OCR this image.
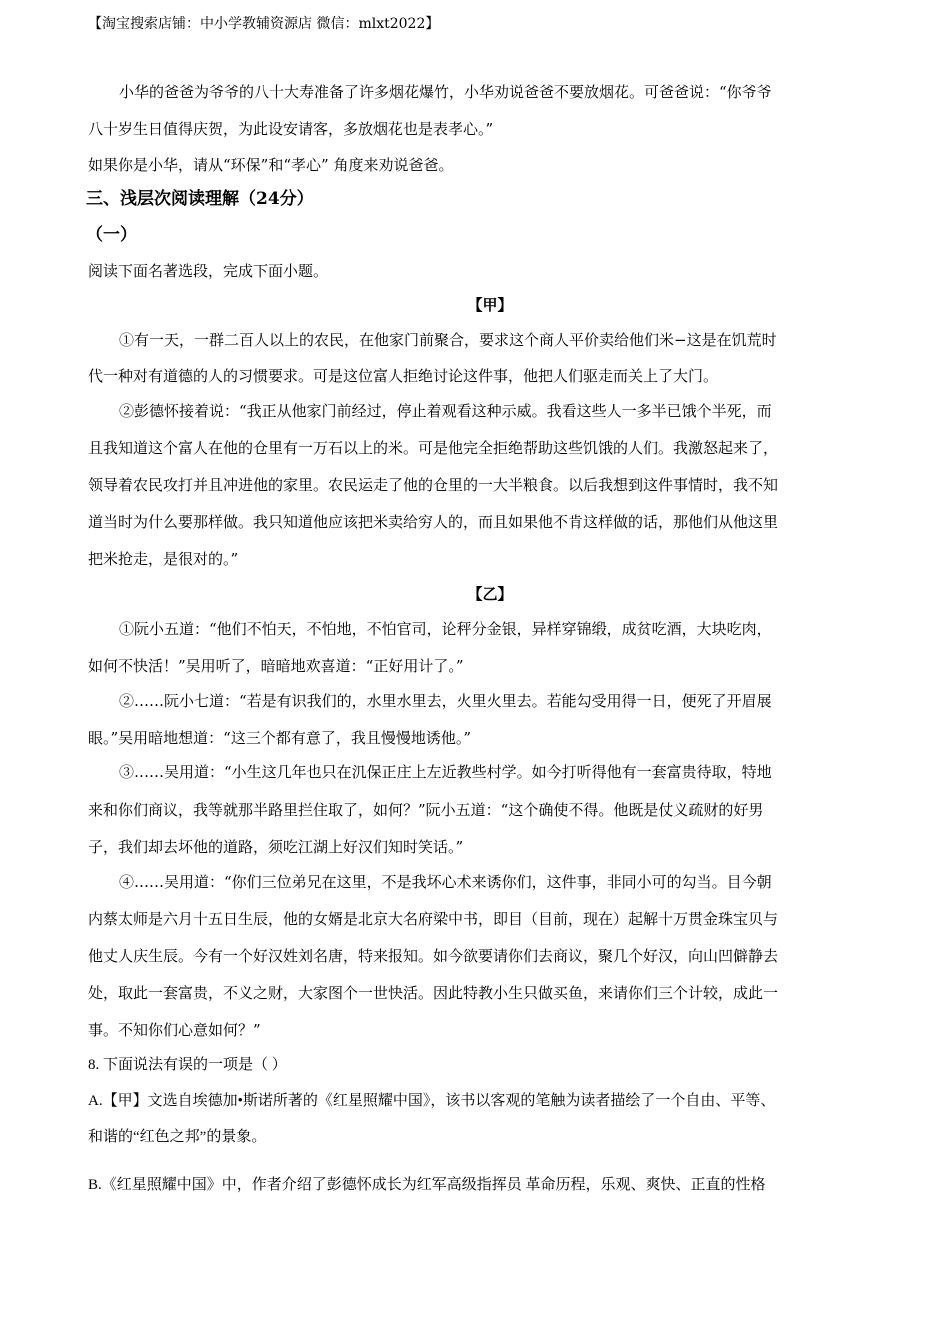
【淘宝搜索店铺：中小学教辅资源店 微信：mlxt2022】
小华的爸爸为爷爷的八十大寿准备了许多烟花爆竹，小华劝说爸爸不要放烟花。可爸爸说：“你爷爷
八十岁生日值得庆贺，为此设安请客，多放烟花也是表孝心。”
如果你是小华，请从“环保”和“孝心” 角度来劝说爸爸。
三、浅层次阅读理解（24分）
（一）
阅读下面名著选段，完成下面小题。
【甲】
①有一天，一群二百人以上的农民，在他家门前聚合，要求这个商人平价卖给他们米−这是在饥荒时
代一种对有道德的人的习惯要求。可是这位富人拒绝讨论这件事，他把人们驱走而关上了大门。
②彭德怀接着说：“我正从他家门前经过，停止着观看这种示威。我看这些人一多半已饿个半死，而
且我知道这个富人在他的仓里有一万石以上的米。可是他完全拒绝帮助这些饥饿的人们。我激怒起来了，
领导着农民攻打并且冲进他的家里。农民运走了他的仓里的一大半粮食。以后我想到这件事情时，我不知
道当时为什么要那样做。我只知道他应该把米卖给穷人的，而且如果他不肯这样做的话，那他们从他这里
把米抢走，是很对的。”
【乙】
①阮小五道：“他们不怕天，不怕地，不怕官司，论秤分金银，异样穿锦缎，成贫吃酒，大块吃肉，
如何不快活！”吴用听了，暗暗地欢喜道：“正好用计了。”
②……阮小七道：“若是有识我们的，水里水里去，火里火里去。若能勾受用得一日，便死了开眉展
眼。”吴用暗地想道：“这三个都有意了，我且慢慢地诱他。”
③……吴用道：“小生这几年也只在㲹保正庄上左近教些村学。如今打听得他有一套富贵待取，特地
来和你们商议，我等就那半路里拦住取了，如何？”阮小五道：“这个确使不得。他既是仗义疏财的好男
子，我们却去坏他的道路，须吃江湖上好汉们知时笑话。”
④……吴用道：“你们三位弟兄在这里，不是我坏心术来诱你们，这件事，非同小可的勾当。目今朝
内蔡太师是六月十五日生辰，他的女婿是北京大名府梁中书，即目（目前，现在）起解十万贯金珠宝贝与
他丈人庆生辰。今有一个好汉姓刘名唐，特来报知。如今欲要请你们去商议，聚几个好汉，向山凹僻静去
处，取此一套富贵，不义之财，大家图个一世快活。因此特教小生只做买鱼，来请你们三个计较，成此一
事。不知你们心意如何？”
8. 下面说法有误的一项是（ ）
A.【甲】文选自埃德加•斯诺所著的《红星照耀中国》，该书以客观的笔触为读者描绘了一个自由、平等、
和谐的“红色之邦”的景象。
B.《红星照耀中国》中，作者介绍了彭德怀成长为红军高级指挥员 革命历程，乐观、爽快、正直的性格
